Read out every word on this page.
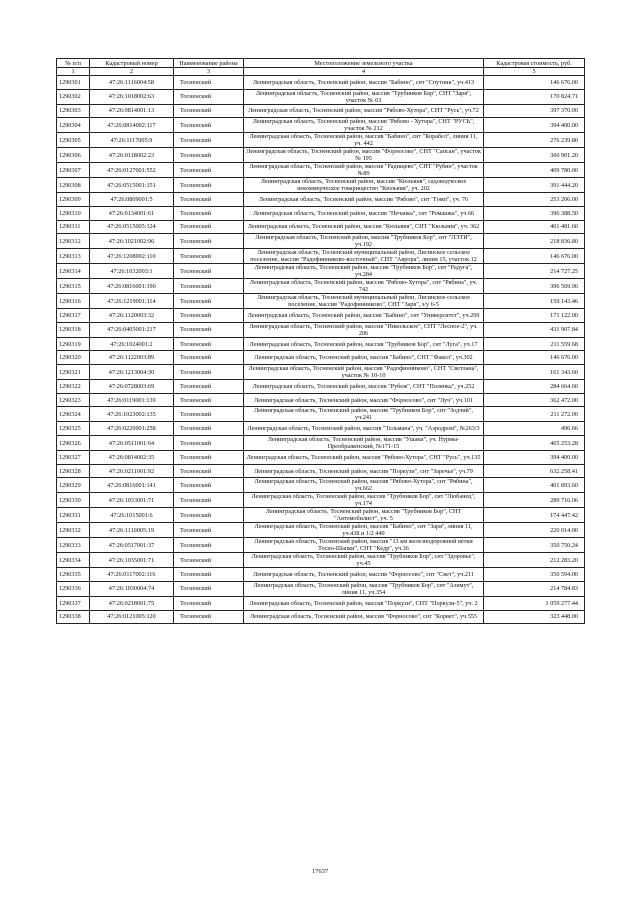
№ п/п	Кадастровый номер	Наименование района	Местоположение земельного участка	Кадастровая стоимость, руб.
1	2	3	4	5
1290301	47:26:1116004:58	Тосненский	Ленинградская область, Тосненский район, массив "Бабино", снт "Спутник", уч.413	146 676.00
1290302	47:26:1018002:63	Тосненский	Ленинградская область, Тосненский район, массив "Трубников Бор", СНТ "Заря", участок № 63	170 824.71
1290303	47:26:0814001:13	Тосненский	Ленинградская область, Тосненский район, массив "Рябово-Хутора", СНТ "Русь", уч.72	397 370.00
1290304	47:26:0814002:117	Тосненский	Ленинградская область, Тосненский район, массив "Рябово - Хутора", СНТ "РУСЬ", участок № 212	394 400.00
1290305	47:26:1117005:9	Тосненский	Ленинградская область, Тосненский район, массив "Бабино", снт "Корабел", линия 11, уч. 442	276 239.80
1290306	47:26:0118002:23	Тосненский	Ленинградская область, Тосненский район, массив "Форносово", СНТ "Сапсан", участок № 195	360 901.20
1290307	47:26:0127001:552	Тосненский	Ленинградская область, Тосненский район, массив "Радищево", СНТ "Рубин", участок №89	409 780.00
1290308	47:26:0515001:151	Тосненский	Ленинградская область, Тосненский район, массив "Кюльвия", садоводческое некоммерческое товарищество "Кюльвия", уч. 202	391 444.20
1290309	47:26:0809001:5	Тосненский	Ленинградская область, Тосненский район, массив "Рябово", снт "Гомп", уч. 76	253 206.00
1290310	47:26:0134001:61	Тосненский	Ленинградская область, Тосненский район, массив "Нечанка", снт "Ромашка", уч.66	396 388.50
1290311	47:26:0515005:124	Тосненский	Ленинградская область, Тосненский район, массив "Кюльвия", СНТ "Кюльвия", уч. 362	401 481.60
1290312	47:26:1021002:96	Тосненский	Ленинградская область, Тосненский район, массив "Трубников Бор", снт "ЛЭТИ", уч.192	218 836.80
1290313	47:26:1208002:110	Тосненский	Ленинградская область, Тосненский муниципальный район, Лисинское сельское поселение, массив "Радофинниково-восточный", СНТ "Аврора", линия 15, участок 12	146 676.00
1290314	47:26:1032003:1	Тосненский	Ленинградская область, Тосненский район, массив "Трубников Бор", снт "Радуга", уч.284	214 727.25
1290315	47:26:0816001:190	Тосненский	Ленинградская область, Тосненский район, массив "Рябово-Хутора", снт "Рябина", уч. 742	396 569.96
1290316	47:26:1219001:114	Тосненский	Ленинградская область, Тосненский муниципальный район, Лисинское сельское поселение, массив "Радофинниково", СНТ "Заря", з/у 6-5	159 143.46
1290317	47:26:1120003:32	Тосненский	Ленинградская область, Тосненский район, массив "Бабино", снт "Университет", уч.269	171 122.00
1290318	47:26:0405001:217	Тосненский	Ленинградская область, Тосненский район, массив "Никольское", СНТ "Лесное-2", уч. 206	431 907.84
1290319	47:26:1024001:2	Тосненский	Ленинградская область, Тосненский район, массив "Трубников Бор", снт "Луга", уч.17	211 559.68
1290320	47:26:1122003:89	Тосненский	Ленинградская область, Тосненский район, массив "Бабино", СНТ "Факел", уч.302	146 676.00
1290321	47:26:1213004:30	Тосненский	Ленинградская область, Тосненский район, массив "Радофинниково", СНТ "Светлана", участок № 10-10	161 343.60
1290322	47:26:0728003:69	Тосненский	Ленинградская область, Тосненский район, массив "Рубеж", СНТ "Полянка", уч.252	284 664.60
1290323	47:26:0119001:139	Тосненский	Ленинградская область, Тосненский район, массив "Форносово", снт "Луч", уч.101	362 472.00
1290324	47:26:1023002:135	Тосненский	Ленинградская область, Тосненский район, массив "Трубников Бор", снт "Зодчий", уч.241	211 272.00
1290325	47:26:0220001:258	Тосненский	Ленинградская область, Тосненский район, массив "Тельмана", уч. "Аэродром", №263/3	496.66
1290326	47:26:0511001:64	Тосненский	Ленинградская область, Тосненский район, массив "Ушаки", уч. Нурмы-Преображенский, №171-15	465 253.28
1290327	47:26:0814002:35	Тосненский	Ленинградская область, Тосненский район, массив "Рябово-Хутора", СНТ "Русь", уч.135	394 400.00
1290328	47:26:0211001:92	Тосненский	Ленинградская область, Тосненский район, массив "Поркузи", снт "Заречье", уч.79	632 258.41
1290329	47:26:0816001:141	Тосненский	Ленинградская область, Тосненский район, массив "Рябово-Хутора", снт "Рябина", уч.662	401 893.60
1290330	47:26:1033001:71	Тосненский	Ленинградская область, Тосненский район, массив "Трубников Бор", снт "Любанец", уч.174	289 716.06
1290331	47:26:1015001:6	Тосненский	Ленинградская область, Тосненский район, массив "Трубников Бор", СНТ "Автомобилист", уч. 5	174 447.42
1290332	47:26:1110005:19	Тосненский	Ленинградская область, Тосненский район, массив "Бабино", снт "Заря", линия 11, уч.438 и 1/2 440	220 014.00
1290333	47:26:0517001:37	Тосненский	Ленинградская область, Тосненский район, массив "13 км железнодорожной ветки Тосно-Шапки", СНТ "Кедр", уч.36	350 750.24
1290334	47:26:1035001:71	Тосненский	Ленинградская область, Тосненский район, массив "Трубников Бор", снт "Здоровье", уч.45	212 283.20
1290335	47:26:0117002:116	Тосненский	Ленинградская область, Тосненский район, массив "Форносово", снт "Свет", уч.211	350 594.00
1290336	47:26:1030004:74	Тосненский	Ленинградская область, Тосненский район, массив "Трубников Бор", снт "Азимут", линия 11, уч.354	214 784.83
1290337	47:26:0218001:75	Тосненский	Ленинградская область, Тосненский район, массив "Поркузи", СНТ "Поркузи-5", уч. 2	1 059 277.44
1290338	47:26:0121005:120	Тосненский	Ленинградская область, Тосненский район, массив "Форносово", снт "Корвет", уч.555	323 448.00
17637
